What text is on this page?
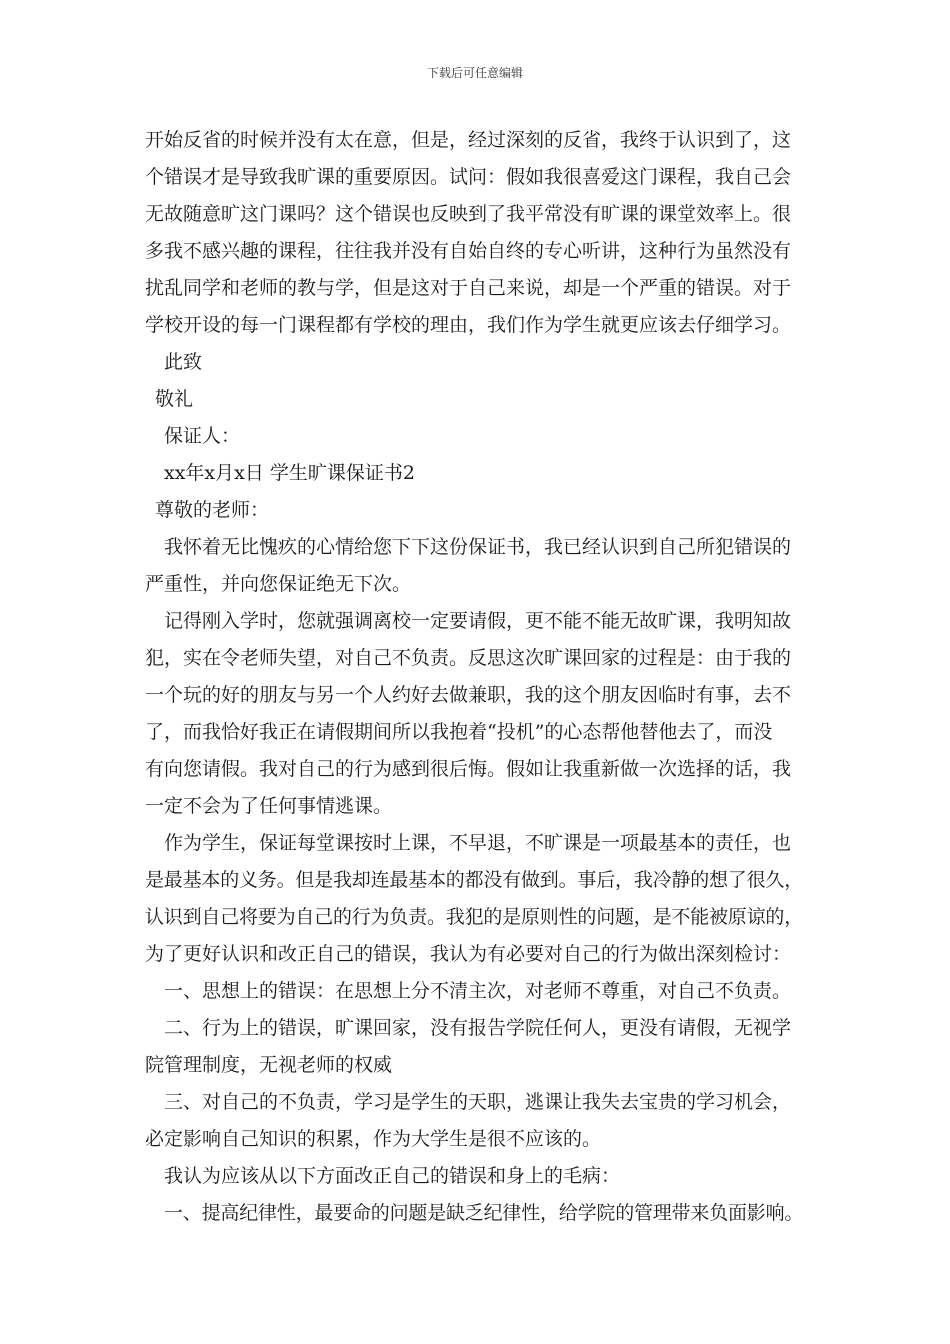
下载后可任意编辑
开始反省的时候并没有太在意，但是，经过深刻的反省，我终于认识到了，这
个错误才是导致我旷课的重要原因。试问：假如我很喜爱这门课程，我自己会
无故随意旷这门课吗？这个错误也反映到了我平常没有旷课的课堂效率上。很
多我不感兴趣的课程，往往我并没有自始自终的专心听讲，这种行为虽然没有
扰乱同学和老师的教与学，但是这对于自己来说，却是一个严重的错误。对于
学校开设的每一门课程都有学校的理由，我们作为学生就更应该去仔细学习。
此致
敬礼
保证人：
xx年x月x日 学生旷课保证书2
尊敬的老师：
我怀着无比愧疚的心情给您下下这份保证书，我已经认识到自己所犯错误的
严重性，并向您保证绝无下次。
记得刚入学时，您就强调离校一定要请假，更不能不能无故旷课，我明知故
犯，实在令老师失望，对自己不负责。反思这次旷课回家的过程是：由于我的
一个玩的好的朋友与另一个人约好去做兼职，我的这个朋友因临时有事，去不
了，而我恰好我正在请假期间所以我抱着“投机”的心态帮他替他去了，而没
有向您请假。我对自己的行为感到很后悔。假如让我重新做一次选择的话，我
一定不会为了任何事情逃课。
作为学生，保证每堂课按时上课，不早退，不旷课是一项最基本的责任，也
是最基本的义务。但是我却连最基本的都没有做到。事后，我冷静的想了很久，
认识到自己将要为自己的行为负责。我犯的是原则性的问题，是不能被原谅的，
为了更好认识和改正自己的错误，我认为有必要对自己的行为做出深刻检讨：
一、思想上的错误：在思想上分不清主次，对老师不尊重，对自己不负责。
二、行为上的错误，旷课回家，没有报告学院任何人，更没有请假，无视学
院管理制度，无视老师的权威
三、对自己的不负责，学习是学生的天职，逃课让我失去宝贵的学习机会，
必定影响自己知识的积累，作为大学生是很不应该的。
我认为应该从以下方面改正自己的错误和身上的毛病：
一、提高纪律性，最要命的问题是缺乏纪律性，给学院的管理带来负面影响。
